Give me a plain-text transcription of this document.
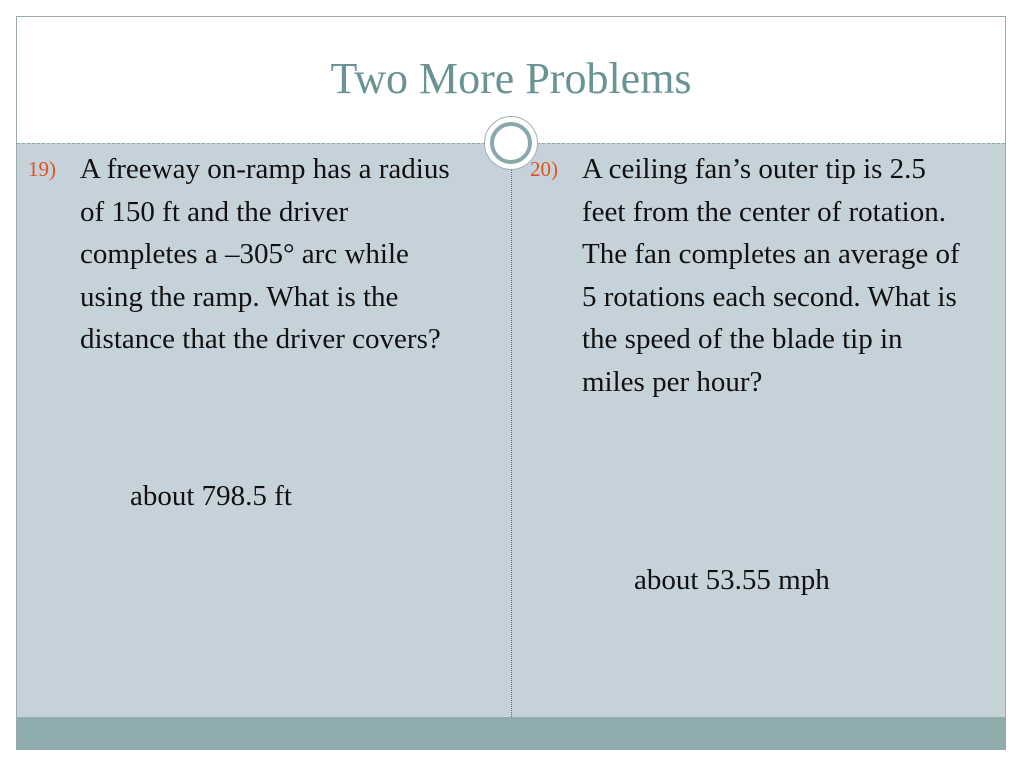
Two More Problems
19) A freeway on-ramp has a radius of 150 ft and the driver completes a –305° arc while using the ramp. What is the distance that the driver covers?
about 798.5 ft
20) A ceiling fan’s outer tip is 2.5 feet from the center of rotation. The fan completes an average of 5 rotations each second. What is the speed of the blade tip in miles per hour?
about 53.55 mph
